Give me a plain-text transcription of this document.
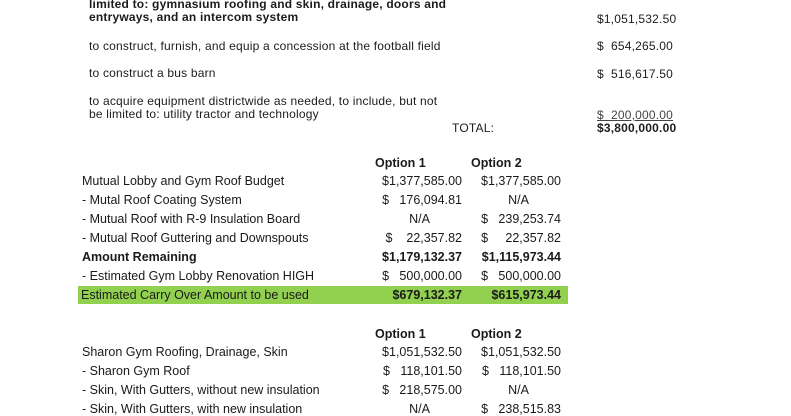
limited to: gymnasium roofing and skin, drainage, doors and
entryways, and an intercom system	$1,051,532.50
to construct, furnish, and equip a concession at the football field	$  654,265.00
to construct a bus barn	$  516,617.50
to acquire equipment districtwide as needed, to include, but not
be limited to: utility tractor and technology	$  200,000.00
TOTAL:	$3,800,000.00
Option 1	Option 2
Mutual Lobby and Gym Roof Budget	$1,377,585.00	$1,377,585.00
- Mutal Roof Coating System	$   176,094.81	N/A
- Mutual Roof with R-9 Insulation Board	N/A	$   239,253.74
- Mutual Roof Guttering and Downspouts	$    22,357.82	$     22,357.82
Amount Remaining	$1,179,132.37	$1,115,973.44
- Estimated Gym Lobby Renovation HIGH	$   500,000.00	$   500,000.00
Estimated Carry Over Amount to be used	$679,132.37	$615,973.44
Option 1	Option 2
Sharon Gym Roofing, Drainage, Skin	$1,051,532.50	$1,051,532.50
- Sharon Gym Roof	$   118,101.50	$   118,101.50
- Skin, With Gutters, without new insulation	$   218,575.00	N/A
- Skin, With Gutters, with new insulation	N/A	$   238,515.83
